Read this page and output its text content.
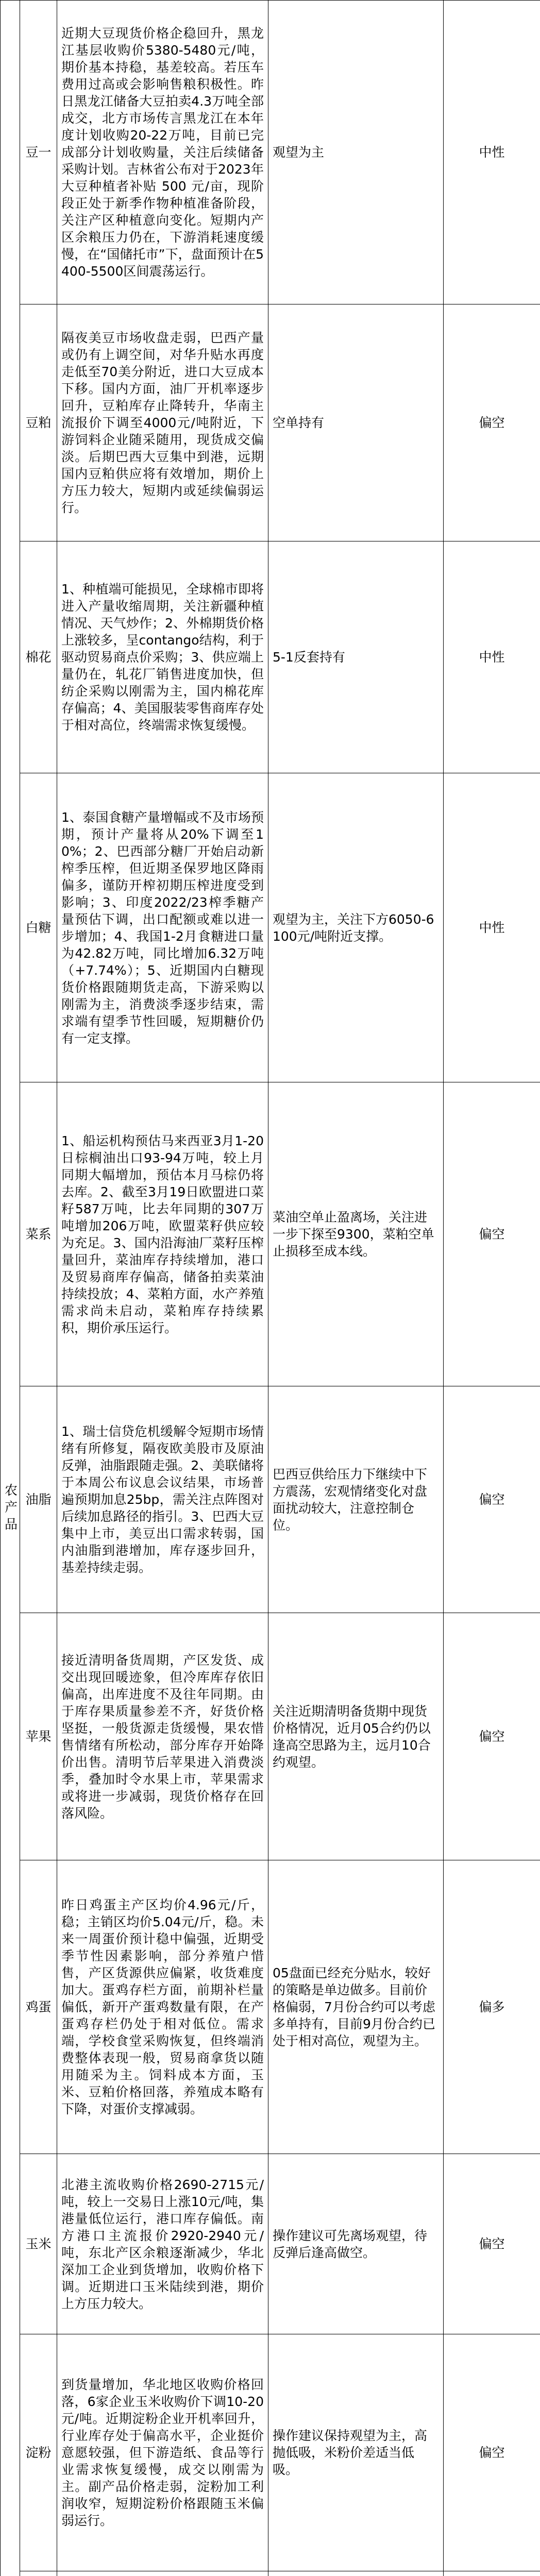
农产品	豆一	近期大豆现货价格企稳回升，黑龙江基层收购价5380-5480元/吨，期价基本持稳，基差较高。若压车费用过高或会影响售粮积极性。昨日黑龙江储备大豆拍卖4.3万吨全部成交，北方市场传言黑龙江在本年度计划收购20-22万吨，目前已完成部分计划收购量，关注后续储备采购计划。吉林省公布对于2023年大豆种植者补贴 500 元/亩，现阶段正处于新季作物种植准备阶段，关注产区种植意向变化。短期内产区余粮压力仍在，下游消耗速度缓慢，在“国储托市”下，盘面预计在5400-5500区间震荡运行。	观望为主	中性
	豆粕	隔夜美豆市场收盘走弱，巴西产量或仍有上调空间，对华升贴水再度走低至70美分附近，进口大豆成本下移。国内方面，油厂开机率逐步回升，豆粕库存止降转升，华南主流报价下调至4000元/吨附近，下游饲料企业随采随用，现货成交偏淡。后期巴西大豆集中到港，远期国内豆粕供应将有效增加，期价上方压力较大，短期内或延续偏弱运行。	空单持有	偏空
	棉花	1、种植端可能损见，全球棉市即将进入产量收缩周期，关注新疆种植情况、天气炒作；2、外棉期货价格上涨较多，呈contango结构，利于驱动贸易商点价采购；3、供应端上量仍在，轧花厂销售进度加快，但纺企采购以刚需为主，国内棉花库存偏高；4、美国服装零售商库存处于相对高位，终端需求恢复缓慢。	5-1反套持有	中性
	白糖	1、泰国食糖产量增幅或不及市场预期，预计产量将从20%下调至10%；2、巴西部分糖厂开始启动新榨季压榨，但近期圣保罗地区降雨偏多，谨防开榨初期压榨进度受到影响；3、印度2022/23榨季糖产量预估下调，出口配额或难以进一步增加；4、我国1-2月食糖进口量为42.82万吨，同比增加6.32万吨（+7.74%）；5、近期国内白糖现货价格跟随期货走高，下游采购以刚需为主，消费淡季逐步结束，需求端有望季节性回暖，短期糖价仍有一定支撑。	观望为主，关注下方6050-6100元/吨附近支撑。	中性
	菜系	1、船运机构预估马来西亚3月1-20日棕榈油出口93-94万吨，较上月同期大幅增加，预估本月马棕仍将去库。2、截至3月19日欧盟进口菜籽587万吨，比去年同期的307万吨增加206万吨，欧盟菜籽供应较为充足。3、国内沿海油厂菜籽压榨量回升，菜油库存持续增加，港口及贸易商库存偏高，储备拍卖菜油持续投放；4、菜粕方面，水产养殖需求尚未启动，菜粕库存持续累积，期价承压运行。	菜油空单止盈离场，关注进一步下探至9300，菜粕空单止损移至成本线。	偏空
	油脂	1、瑞士信贷危机缓解令短期市场情绪有所修复，隔夜欧美股市及原油反弹，油脂跟随走强。2、美联储将于本周公布议息会议结果，市场普遍预期加息25bp，需关注点阵图对后续加息路径的指引。3、巴西大豆集中上市，美豆出口需求转弱，国内油脂到港增加，库存逐步回升，基差持续走弱。	巴西豆供给压力下继续中下方震荡，宏观情绪变化对盘面扰动较大，注意控制仓位。	偏空
	苹果	接近清明备货周期，产区发货、成交出现回暖迹象，但冷库库存依旧偏高，出库进度不及往年同期。由于库存果质量参差不齐，好货价格坚挺，一般货源走货缓慢，果农惜售情绪有所松动，部分库存开始降价出售。清明节后苹果进入消费淡季，叠加时令水果上市，苹果需求或将进一步减弱，现货价格存在回落风险。	关注近期清明备货期中现货价格情况，近月05合约仍以逢高空思路为主，远月10合约观望。	偏空
	鸡蛋	昨日鸡蛋主产区均价4.96元/斤，稳；主销区均价5.04元/斤，稳。未来一周蛋价预计稳中偏强，近期受季节性因素影响，部分养殖户惜售，产区货源供应偏紧，收货难度加大。蛋鸡存栏方面，前期补栏量偏低，新开产蛋鸡数量有限，在产蛋鸡存栏仍处于相对低位。需求端，学校食堂采购恢复，但终端消费整体表现一般，贸易商拿货以随用随采为主。饲料成本方面，玉米、豆粕价格回落，养殖成本略有下降，对蛋价支撑减弱。	05盘面已经充分贴水，较好的策略是单边做多。目前价格偏弱，7月份合约可以考虑多单持有，目前9月份合约已处于相对高位，观望为主。	偏多
	玉米	北港主流收购价格2690-2715元/吨，较上一交易日上涨10元/吨，集港量低位运行，港口库存偏低。南方港口主流报价2920-2940元/吨，东北产区余粮逐渐减少，华北深加工企业到货增加，收购价格下调。近期进口玉米陆续到港，期价上方压力较大。	操作建议可先离场观望，待反弹后逢高做空。	偏空
	淀粉	到货量增加，华北地区收购价格回落，6家企业玉米收购价下调10-20元/吨。近期淀粉企业开机率回升，行业库存处于偏高水平，企业挺价意愿较强，但下游造纸、食品等行业需求恢复缓慢，成交以刚需为主。副产品价格走弱，淀粉加工利润收窄，短期淀粉价格跟随玉米偏弱运行。	操作建议保持观望为主，高抛低吸，米粉价差适当低吸。	偏空
